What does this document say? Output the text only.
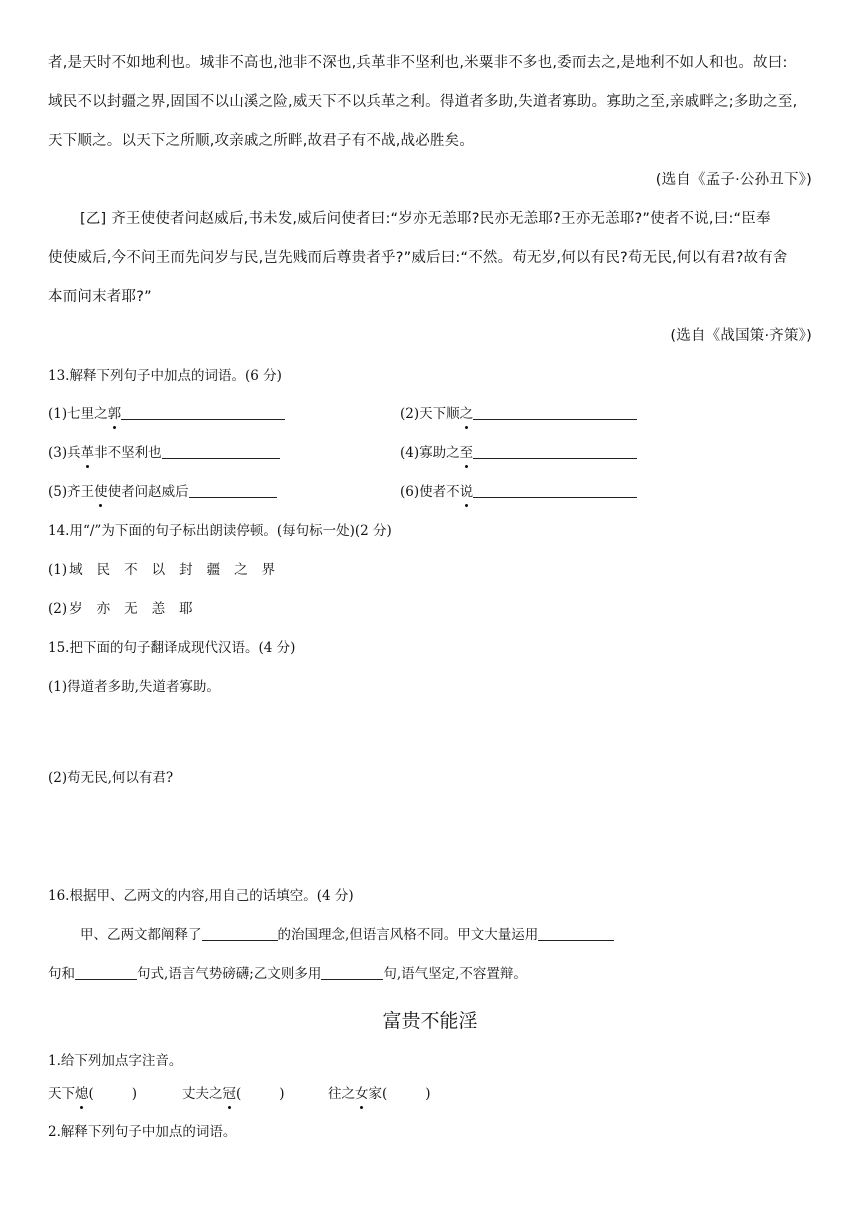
者,是天时不如地利也。城非不高也,池非不深也,兵革非不坚利也,米粟非不多也,委而去之,是地利不如人和也。故曰:
域民不以封疆之界,固国不以山溪之险,威天下不以兵革之利。得道者多助,失道者寡助。寡助之至,亲戚畔之;多助之至,
天下顺之。以天下之所顺,攻亲戚之所畔,故君子有不战,战必胜矣。
(选自《孟子·公孙丑下》)
[乙] 齐王使使者问赵威后,书未发,威后问使者曰:“岁亦无恙耶?民亦无恙耶?王亦无恙耶?”使者不说,曰:“臣奉
使使威后,今不问王而先问岁与民,岂先贱而后尊贵者乎?”威后曰:“不然。苟无岁,何以有民?苟无民,何以有君?故有舍
本而问末者耶?”
(选自《战国策·齐策》)
13.解释下列句子中加点的词语。(6 分)
(1)七里之郭	(2)天下顺之
(3)兵革非不坚利也	(4)寡助之至
(5)齐王使使者问赵威后	(6)使者不说
14.用“/”为下面的句子标出朗读停顿。(每句标一处)(2 分)
(1) 域 民 不 以 封 疆 之 界
(2) 岁 亦 无 恙 耶
15.把下面的句子翻译成现代汉语。(4 分)
(1)得道者多助,失道者寡助。
(2)苟无民,何以有君?
16.根据甲、乙两文的内容,用自己的话填空。(4 分)
甲、乙两文都阐释了	的治国理念,但语言风格不同。甲文大量运用
句和	句式,语言气势磅礴;乙文则多用	句,语气坚定,不容置辩。
富贵不能淫
1.给下列加点字注音。
天下熄(	)	丈夫之冠(	)	往之女家(	)
2.解释下列句子中加点的词语。
